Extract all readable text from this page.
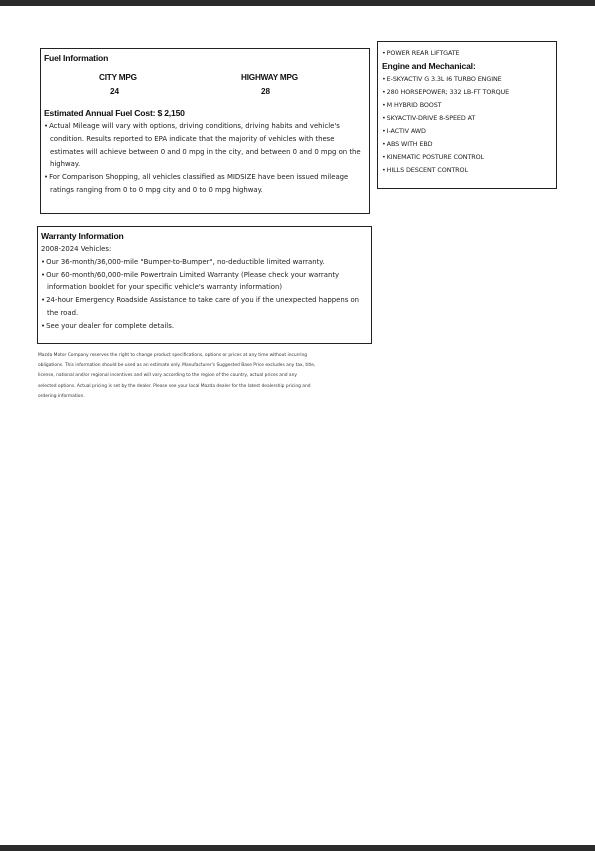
Fuel Information
CITY MPG	HIGHWAY MPG
24	28
Estimated Annual Fuel Cost: $ 2,150
• Actual Mileage will vary with options, driving conditions, driving habits and vehicle's
condition. Results reported to EPA indicate that the majority of vehicles with these
estimates will achieve between 0 and 0 mpg in the city, and between 0 and 0 mpg on the
highway.
• For Comparison Shopping, all vehicles classified as MIDSIZE have been issued mileage
ratings ranging from 0 to 0 mpg city and 0 to 0 mpg highway.
Warranty Information
2008-2024 Vehicles:
• Our 36-month/36,000-mile "Bumper-to-Bumper", no-deductible limited warranty.
• Our 60-month/60,000-mile Powertrain Limited Warranty (Please check your warranty
information booklet for your specific vehicle's warranty information)
• 24-hour Emergency Roadside Assistance to take care of you if the unexpected happens on
the road.
• See your dealer for complete details.
Mazda Motor Company reserves the right to change product specifications, options or prices at any time without incurring
obligations. This information should be used as an estimate only. Manufacturer's Suggested Base Price excludes any tax, title,
license, national and/or regional incentives and will vary according to the region of the country, actual prices and any
selected options. Actual pricing is set by the dealer. Please see your local Mazda dealer for the latest dealership pricing and
ordering information.
• POWER REAR LIFTGATE
Engine and Mechanical:
• E-SKYACTIV G 3.3L I6 TURBO ENGINE
• 280 HORSEPOWER; 332 LB-FT TORQUE
• M HYBRID BOOST
• SKYACTIV-DRIVE 8-SPEED AT
• I-ACTIV AWD
• ABS WITH EBD
• KINEMATIC POSTURE CONTROL
• HILLS DESCENT CONTROL
